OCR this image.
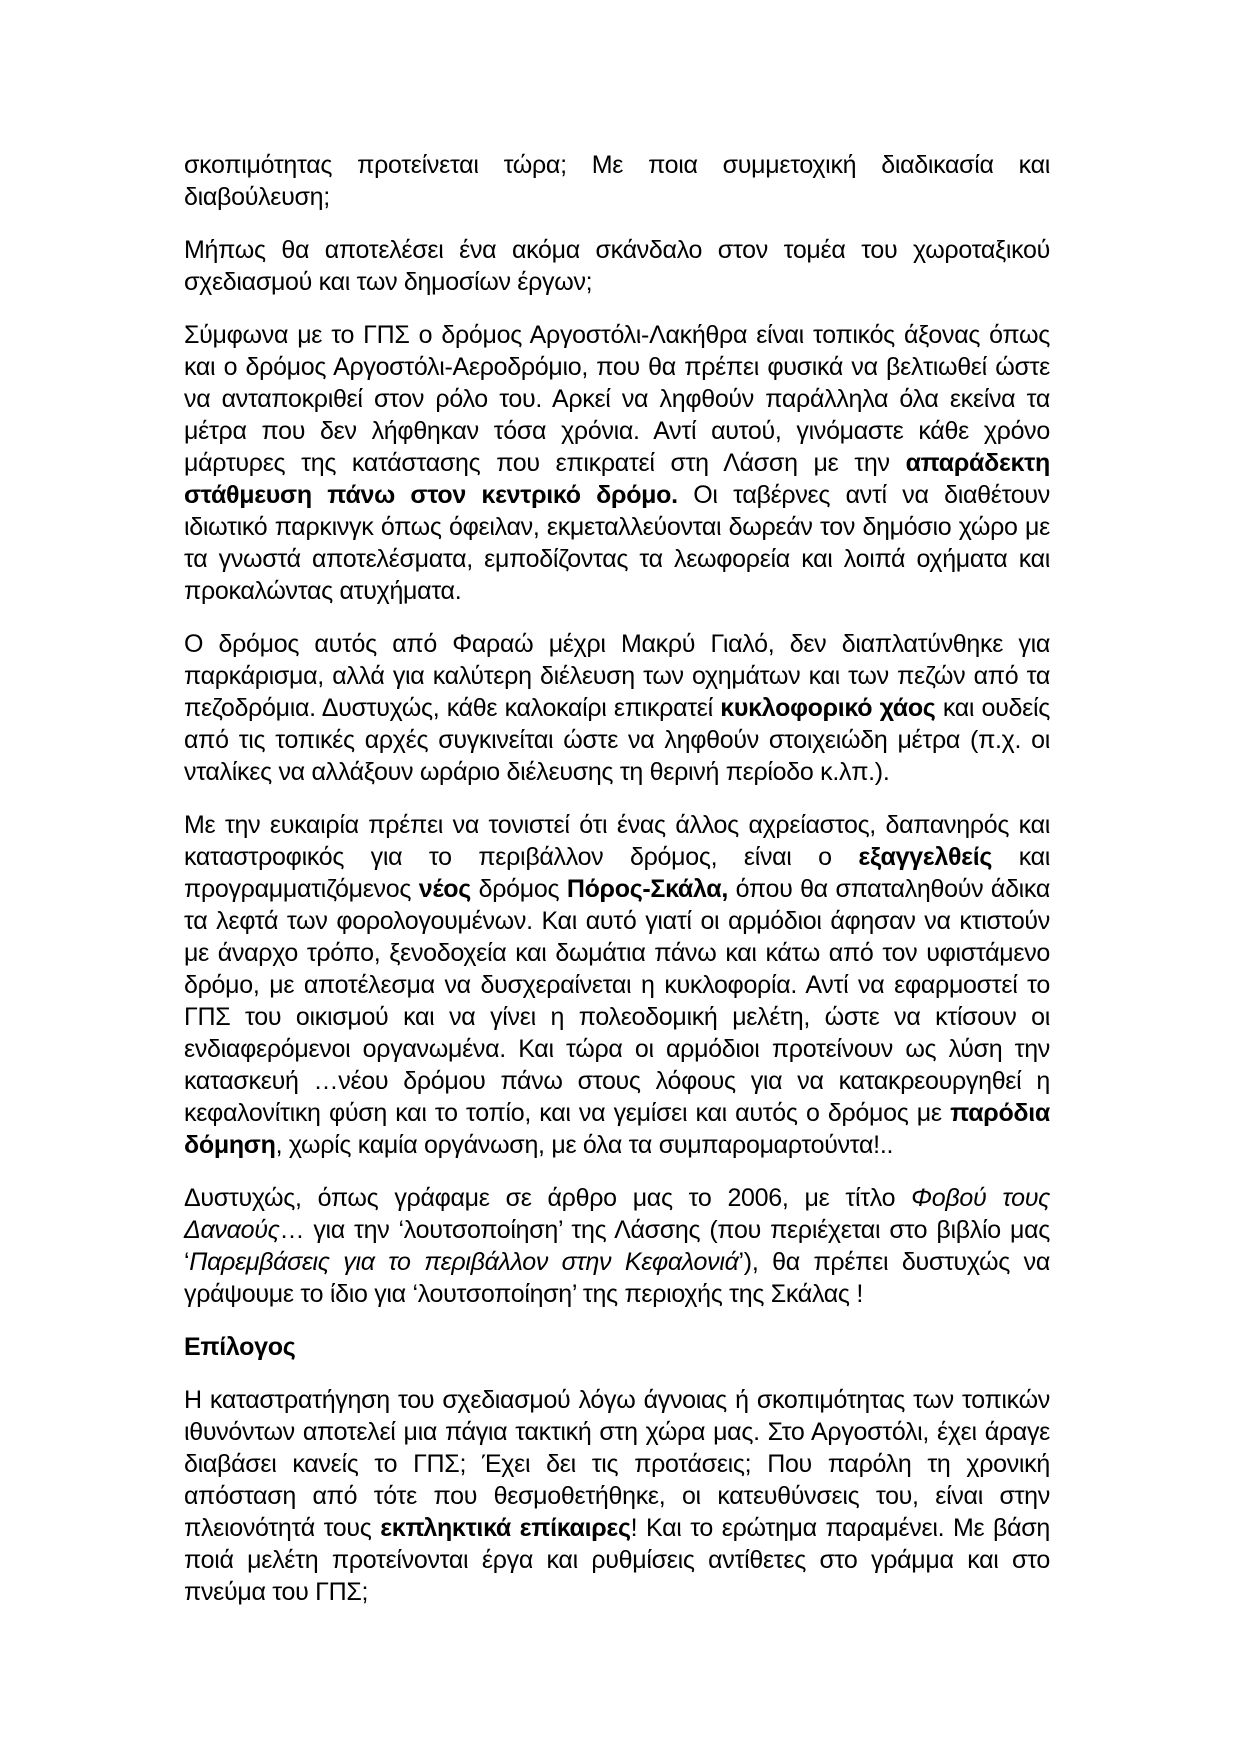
σκοπιμότητας προτείνεται τώρα; Με ποια συμμετοχική διαδικασία και διαβούλευση;

Μήπως θα αποτελέσει ένα ακόμα σκάνδαλο στον τομέα του χωροταξικού σχεδιασμού και των δημοσίων έργων;

Σύμφωνα με το ΓΠΣ ο δρόμος Αργοστόλι-Λακήθρα είναι τοπικός άξονας όπως και ο δρόμος Αργοστόλι-Αεροδρόμιο, που θα πρέπει φυσικά να βελτιωθεί ώστε να ανταποκριθεί στον ρόλο του. Αρκεί να ληφθούν παράλληλα όλα εκείνα τα μέτρα που δεν λήφθηκαν τόσα χρόνια. Αντί αυτού, γινόμαστε κάθε χρόνο μάρτυρες της κατάστασης που επικρατεί στη Λάσση με την απαράδεκτη στάθμευση πάνω στον κεντρικό δρόμο. Οι ταβέρνες αντί να διαθέτουν ιδιωτικό παρκινγκ όπως όφειλαν, εκμεταλλεύονται δωρεάν τον δημόσιο χώρο με τα γνωστά αποτελέσματα, εμποδίζοντας τα λεωφορεία και λοιπά οχήματα και προκαλώντας ατυχήματα.

Ο δρόμος αυτός από Φαραώ μέχρι Μακρύ Γιαλό, δεν διαπλατύνθηκε για παρκάρισμα, αλλά για καλύτερη διέλευση των οχημάτων και των πεζών από τα πεζοδρόμια. Δυστυχώς, κάθε καλοκαίρι επικρατεί κυκλοφορικό χάος και ουδείς από τις τοπικές αρχές συγκινείται ώστε να ληφθούν στοιχειώδη μέτρα (π.χ. οι νταλίκες να αλλάξουν ωράριο διέλευσης τη θερινή περίοδο κ.λπ.).

Με την ευκαιρία πρέπει να τονιστεί ότι ένας άλλος αχρείαστος, δαπανηρός και καταστροφικός για το περιβάλλον δρόμος, είναι ο εξαγγελθείς και προγραμματιζόμενος νέος δρόμος Πόρος-Σκάλα, όπου θα σπαταληθούν άδικα τα λεφτά των φορολογουμένων. Και αυτό γιατί οι αρμόδιοι άφησαν να κτιστούν με άναρχο τρόπο, ξενοδοχεία και δωμάτια πάνω και κάτω από τον υφιστάμενο δρόμο, με αποτέλεσμα να δυσχεραίνεται η κυκλοφορία. Αντί να εφαρμοστεί το ΓΠΣ του οικισμού και να γίνει η πολεοδομική μελέτη, ώστε να κτίσουν οι ενδιαφερόμενοι οργανωμένα. Και τώρα οι αρμόδιοι προτείνουν ως λύση την κατασκευή …νέου δρόμου πάνω στους λόφους για να κατακρεουργηθεί η κεφαλονίτικη φύση και το τοπίο, και να γεμίσει και αυτός ο δρόμος με παρόδια δόμηση, χωρίς καμία οργάνωση, με όλα τα συμπαρομαρτούντα!..

Δυστυχώς, όπως γράφαμε σε άρθρο μας το 2006, με τίτλο Φοβού τους Δαναούς… για την ‘λουτσοποίηση’ της Λάσσης (που περιέχεται στο βιβλίο μας ‘Παρεμβάσεις για το περιβάλλον στην Κεφαλονιά’), θα πρέπει δυστυχώς να γράψουμε το ίδιο για ‘λουτσοποίηση’ της περιοχής της Σκάλας !

Επίλογος

Η καταστρατήγηση του σχεδιασμού λόγω άγνοιας ή σκοπιμότητας των τοπικών ιθυνόντων αποτελεί μια πάγια τακτική στη χώρα μας. Στο Αργοστόλι, έχει άραγε διαβάσει κανείς το ΓΠΣ; Έχει δει τις προτάσεις; Που παρόλη τη χρονική απόσταση από τότε που θεσμοθετήθηκε, οι κατευθύνσεις του, είναι στην πλειονότητά τους εκπληκτικά επίκαιρες! Και το ερώτημα παραμένει. Με βάση ποιά μελέτη προτείνονται έργα και ρυθμίσεις αντίθετες στο γράμμα και στο πνεύμα του ΓΠΣ;
